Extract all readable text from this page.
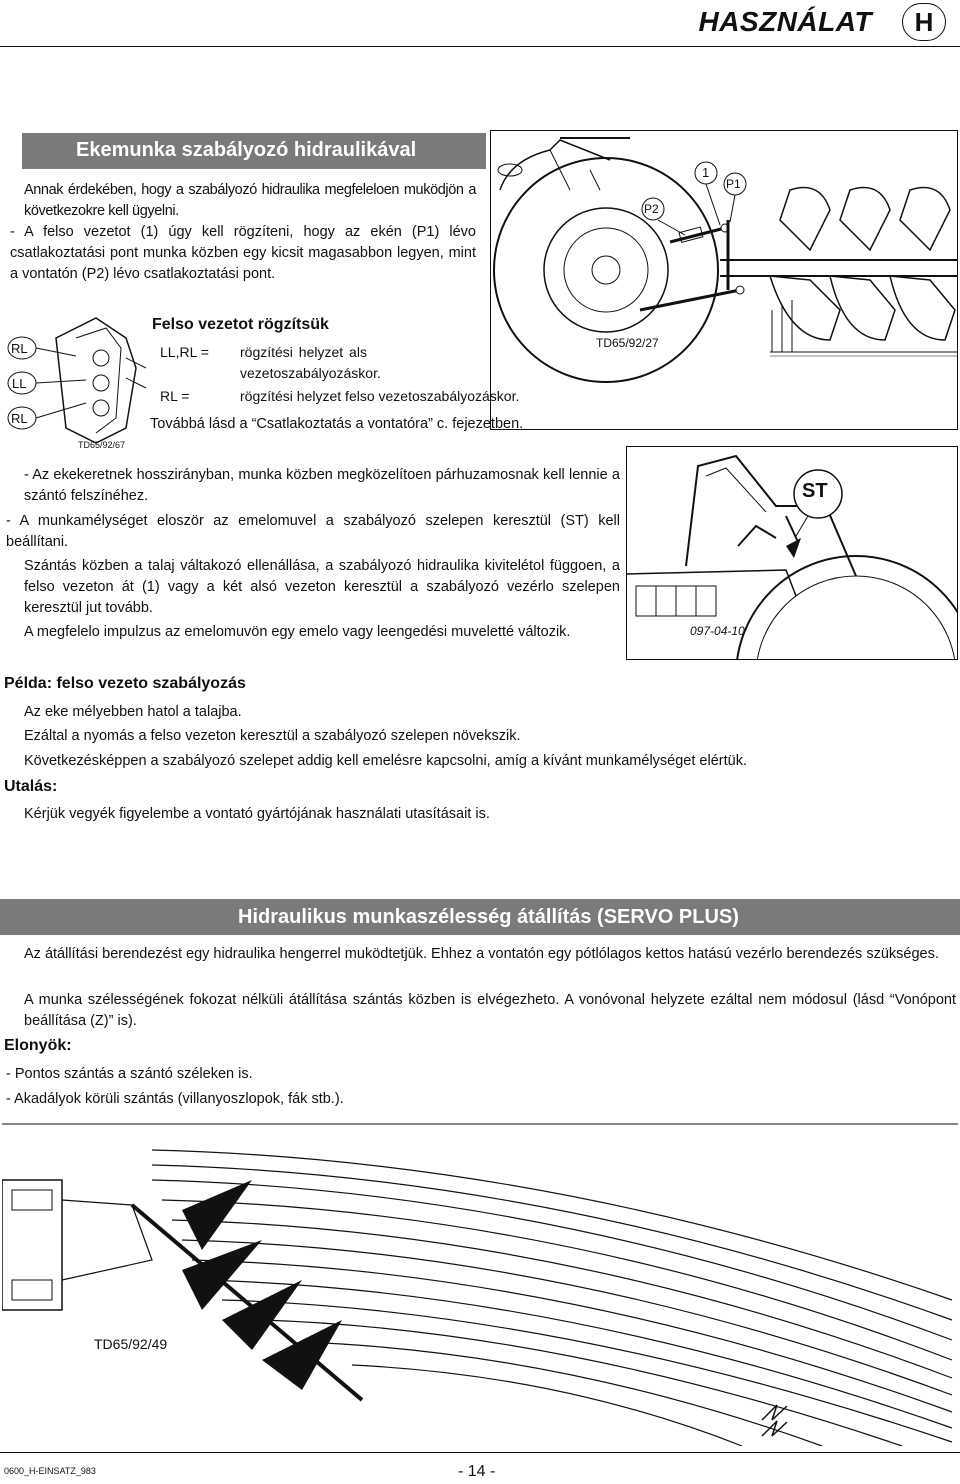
HASZNÁLAT	H
Ekemunka szabályozó hidraulikával
Annak érdekében, hogy a szabályozó hidraulika megfeleloen muködjön a következokre kell ügyelni.
- A felso vezetot (1) úgy kell rögzíteni, hogy az ekén (P1) lévo csatlakoztatási pont munka közben egy kicsit magasabbon legyen, mint a vontatón (P2) lévo csatlakoztatási pont.
P2
1
P1
TD65/92/27
RL
LL
RL
TD65/92/67
Felso vezetot rögzítsük
LL,RL = rögzítési helyzet als vezetoszabályozáskor.
RL =	rögzítési helyzet felso vezetoszabályozáskor.
Továbbá lásd a “Csatlakoztatás a vontatóra” c. fejezetben.
- Az ekekeretnek hosszirányban, munka közben megközelítoen párhuzamosnak kell lennie a szántó felszínéhez.
- A munkamélységet eloször az emelomuvel a szabályozó szelepen keresztül (ST) kell beállítani.
Szántás közben a talaj váltakozó ellenállása, a szabályozó hidraulika kivitelétol függoen, a felso vezeton át (1) vagy a két alsó vezeton keresztül a szabályozó vezérlo szelepen keresztül jut tovább.
A megfelelo impulzus az emelomuvön egy emelo vagy leengedési muveletté változik.
ST
097-04-10
Példa: felso vezeto szabályozás
Az eke mélyebben hatol a talajba.
Ezáltal a nyomás a felso vezeton keresztül a szabályozó szelepen növekszik.
Következésképpen a szabályozó szelepet addig kell emelésre kapcsolni, amíg a kívánt munkamélységet elértük.
Utalás:
Kérjük vegyék figyelembe a vontató gyártójának használati utasításait is.
Hidraulikus munkaszélesség átállítás (SERVO PLUS)
Az átállítási berendezést egy hidraulika hengerrel muködtetjük. Ehhez a vontatón egy pótlólagos kettos hatású vezérlo berendezés szükséges.
A munka szélességének fokozat nélküli átállítása szántás közben is elvégezheto. A vonóvonal helyzete ezáltal nem módosul (lásd “Vonópont beállítása (Z)” is).
Elonyök:
- Pontos szántás a szántó széleken is.
- Akadályok körüli szántás (villanyoszlopok, fák stb.).
TD65/92/49
0600_H-EINSATZ_983	- 14 -
